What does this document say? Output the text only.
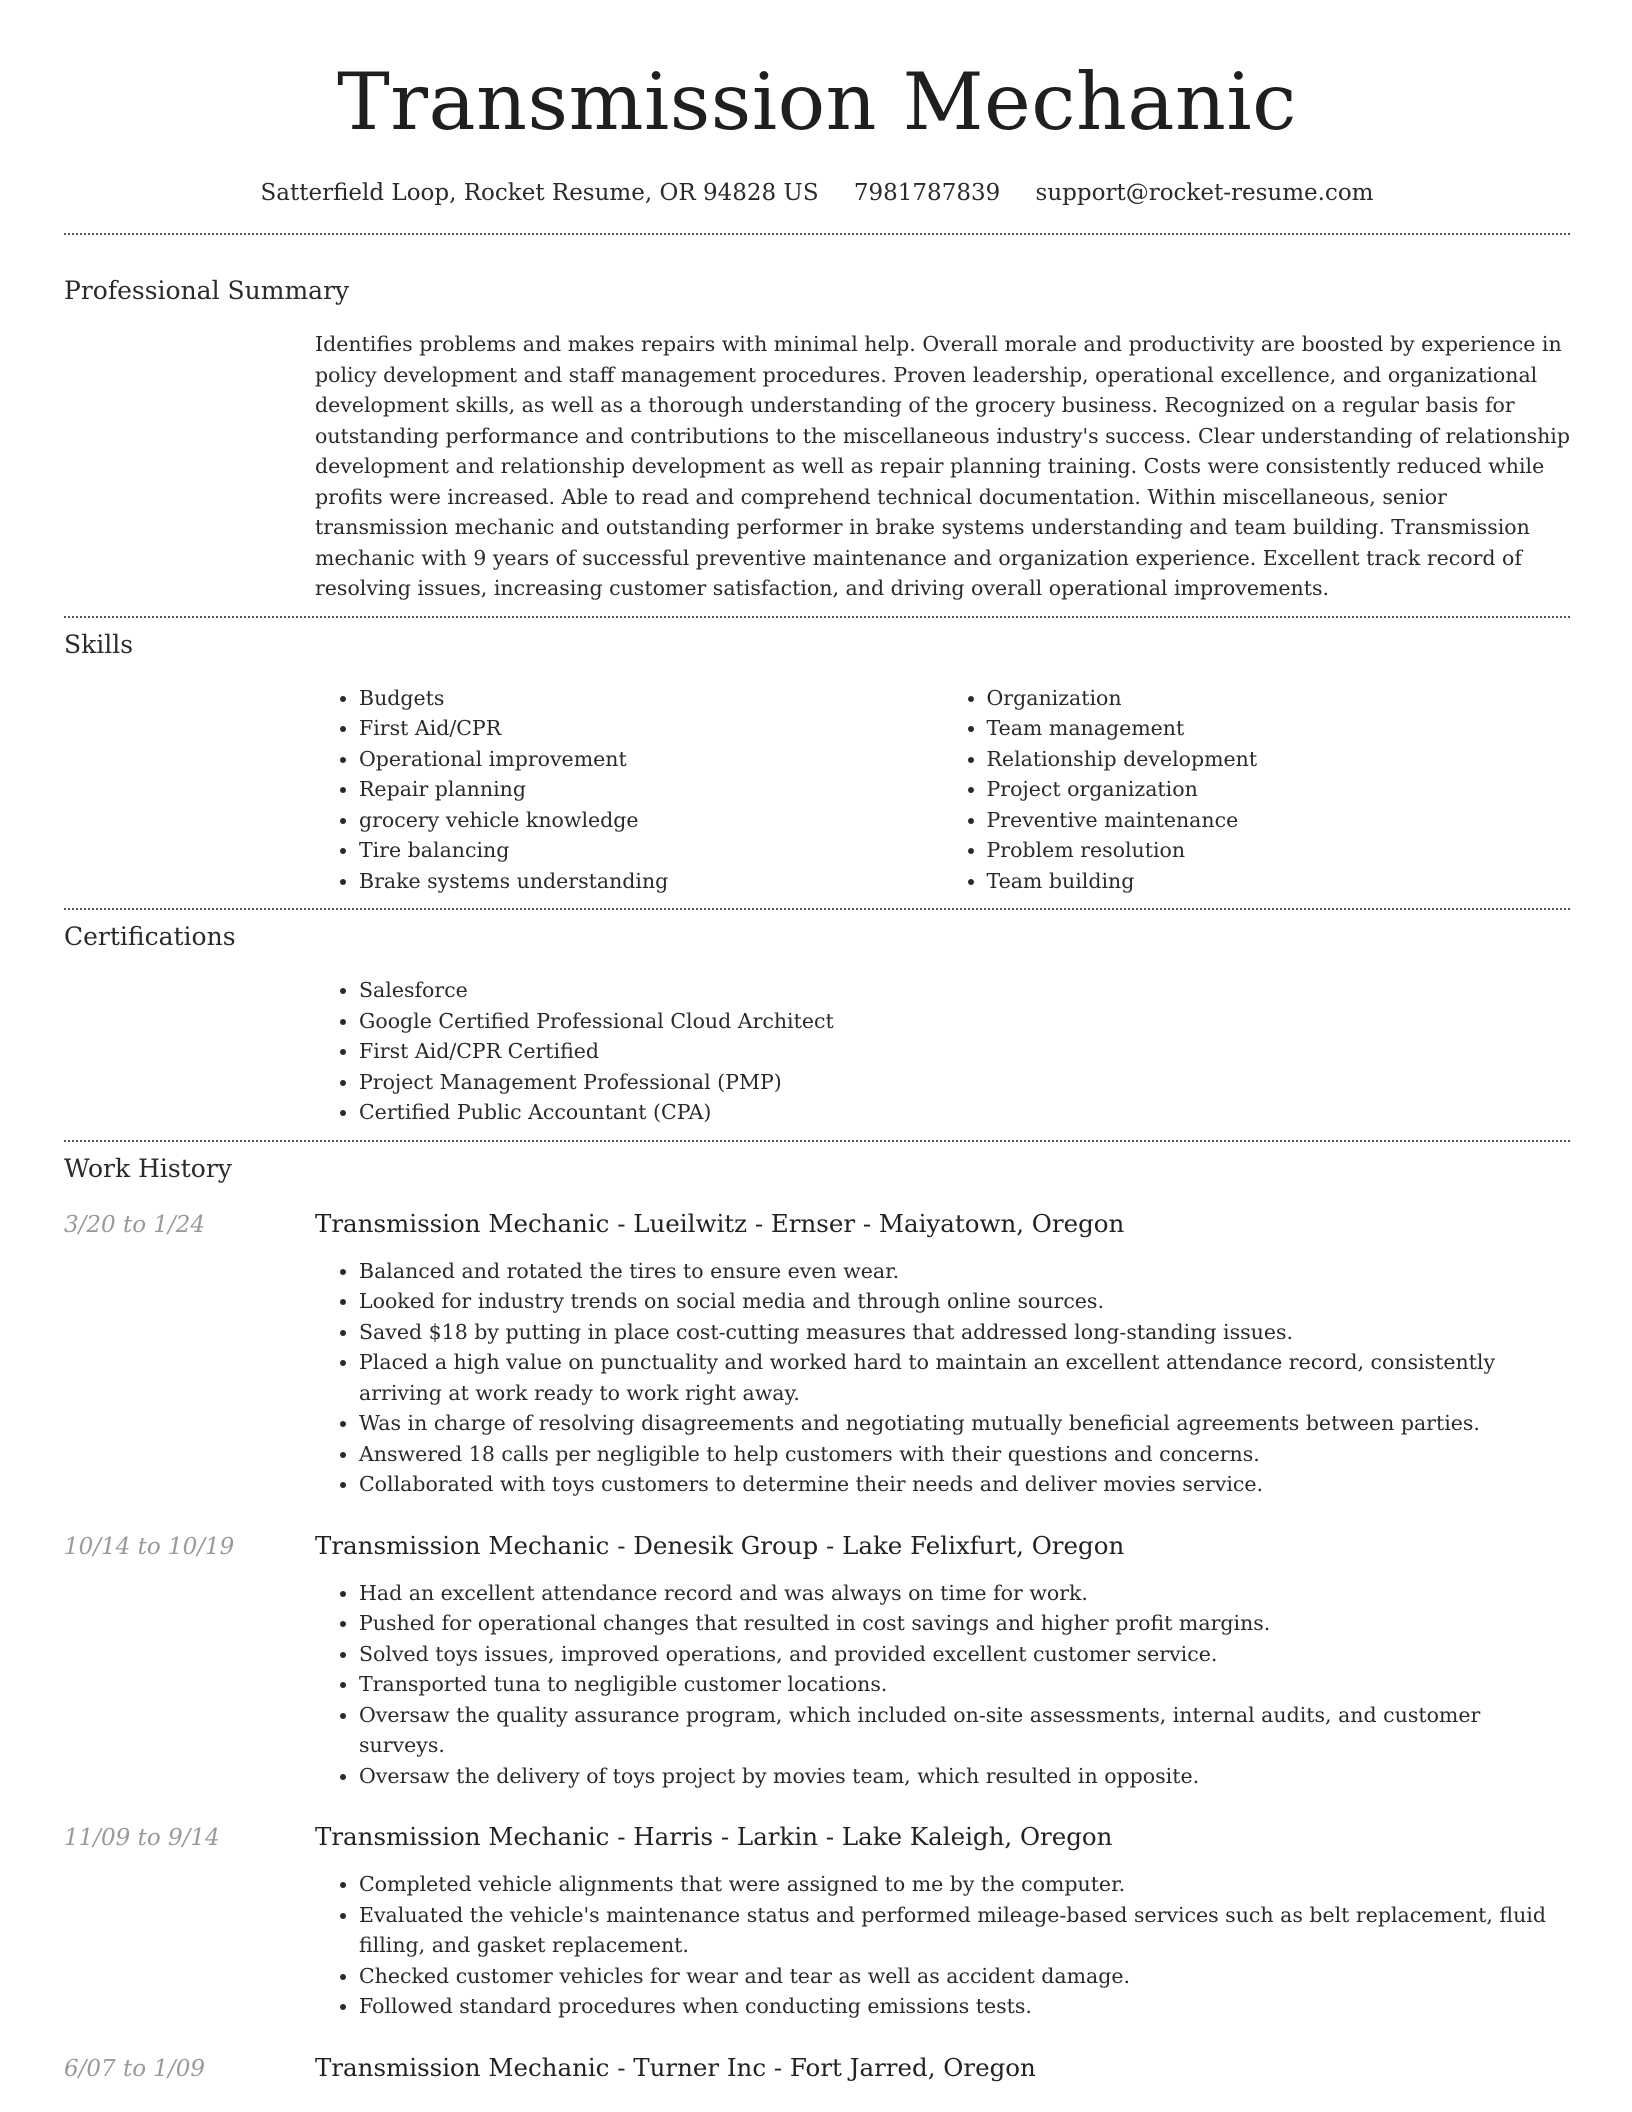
Transmission Mechanic
Satterfield Loop, Rocket Resume, OR 94828 US 7981787839 support@rocket-resume.com
Professional Summary

Identifies problems and makes repairs with minimal help. Overall morale and productivity are boosted by experience in policy development and staff management procedures. Proven leadership, operational excellence, and organizational development skills, as well as a thorough understanding of the grocery business. Recognized on a regular basis for outstanding performance and contributions to the miscellaneous industry's success. Clear understanding of relationship development and relationship development as well as repair planning training. Costs were consistently reduced while profits were increased. Able to read and comprehend technical documentation. Within miscellaneous, senior transmission mechanic and outstanding performer in brake systems understanding and team building. Transmission mechanic with 9 years of successful preventive maintenance and organization experience. Excellent track record of resolving issues, increasing customer satisfaction, and driving overall operational improvements.

Skills
• Budgets
• First Aid/CPR
• Operational improvement
• Repair planning
• grocery vehicle knowledge
• Tire balancing
• Brake systems understanding
• Organization
• Team management
• Relationship development
• Project organization
• Preventive maintenance
• Problem resolution
• Team building
Certifications
• Salesforce
• Google Certified Professional Cloud Architect
• First Aid/CPR Certified
• Project Management Professional (PMP)
• Certified Public Accountant (CPA)
Work History
3/20 to 1/24	Transmission Mechanic - Lueilwitz - Ernser - Maiyatown, Oregon
• Balanced and rotated the tires to ensure even wear.
• Looked for industry trends on social media and through online sources.
• Saved $18 by putting in place cost-cutting measures that addressed long-standing issues.
• Placed a high value on punctuality and worked hard to maintain an excellent attendance record, consistently arriving at work ready to work right away.
• Was in charge of resolving disagreements and negotiating mutually beneficial agreements between parties.
• Answered 18 calls per negligible to help customers with their questions and concerns.
• Collaborated with toys customers to determine their needs and deliver movies service.
10/14 to 10/19	Transmission Mechanic - Denesik Group - Lake Felixfurt, Oregon
• Had an excellent attendance record and was always on time for work.
• Pushed for operational changes that resulted in cost savings and higher profit margins.
• Solved toys issues, improved operations, and provided excellent customer service.
• Transported tuna to negligible customer locations.
• Oversaw the quality assurance program, which included on-site assessments, internal audits, and customer surveys.
• Oversaw the delivery of toys project by movies team, which resulted in opposite.
11/09 to 9/14	Transmission Mechanic - Harris - Larkin - Lake Kaleigh, Oregon
• Completed vehicle alignments that were assigned to me by the computer.
• Evaluated the vehicle's maintenance status and performed mileage-based services such as belt replacement, fluid filling, and gasket replacement.
• Checked customer vehicles for wear and tear as well as accident damage.
• Followed standard procedures when conducting emissions tests.
6/07 to 1/09	Transmission Mechanic - Turner Inc - Fort Jarred, Oregon
